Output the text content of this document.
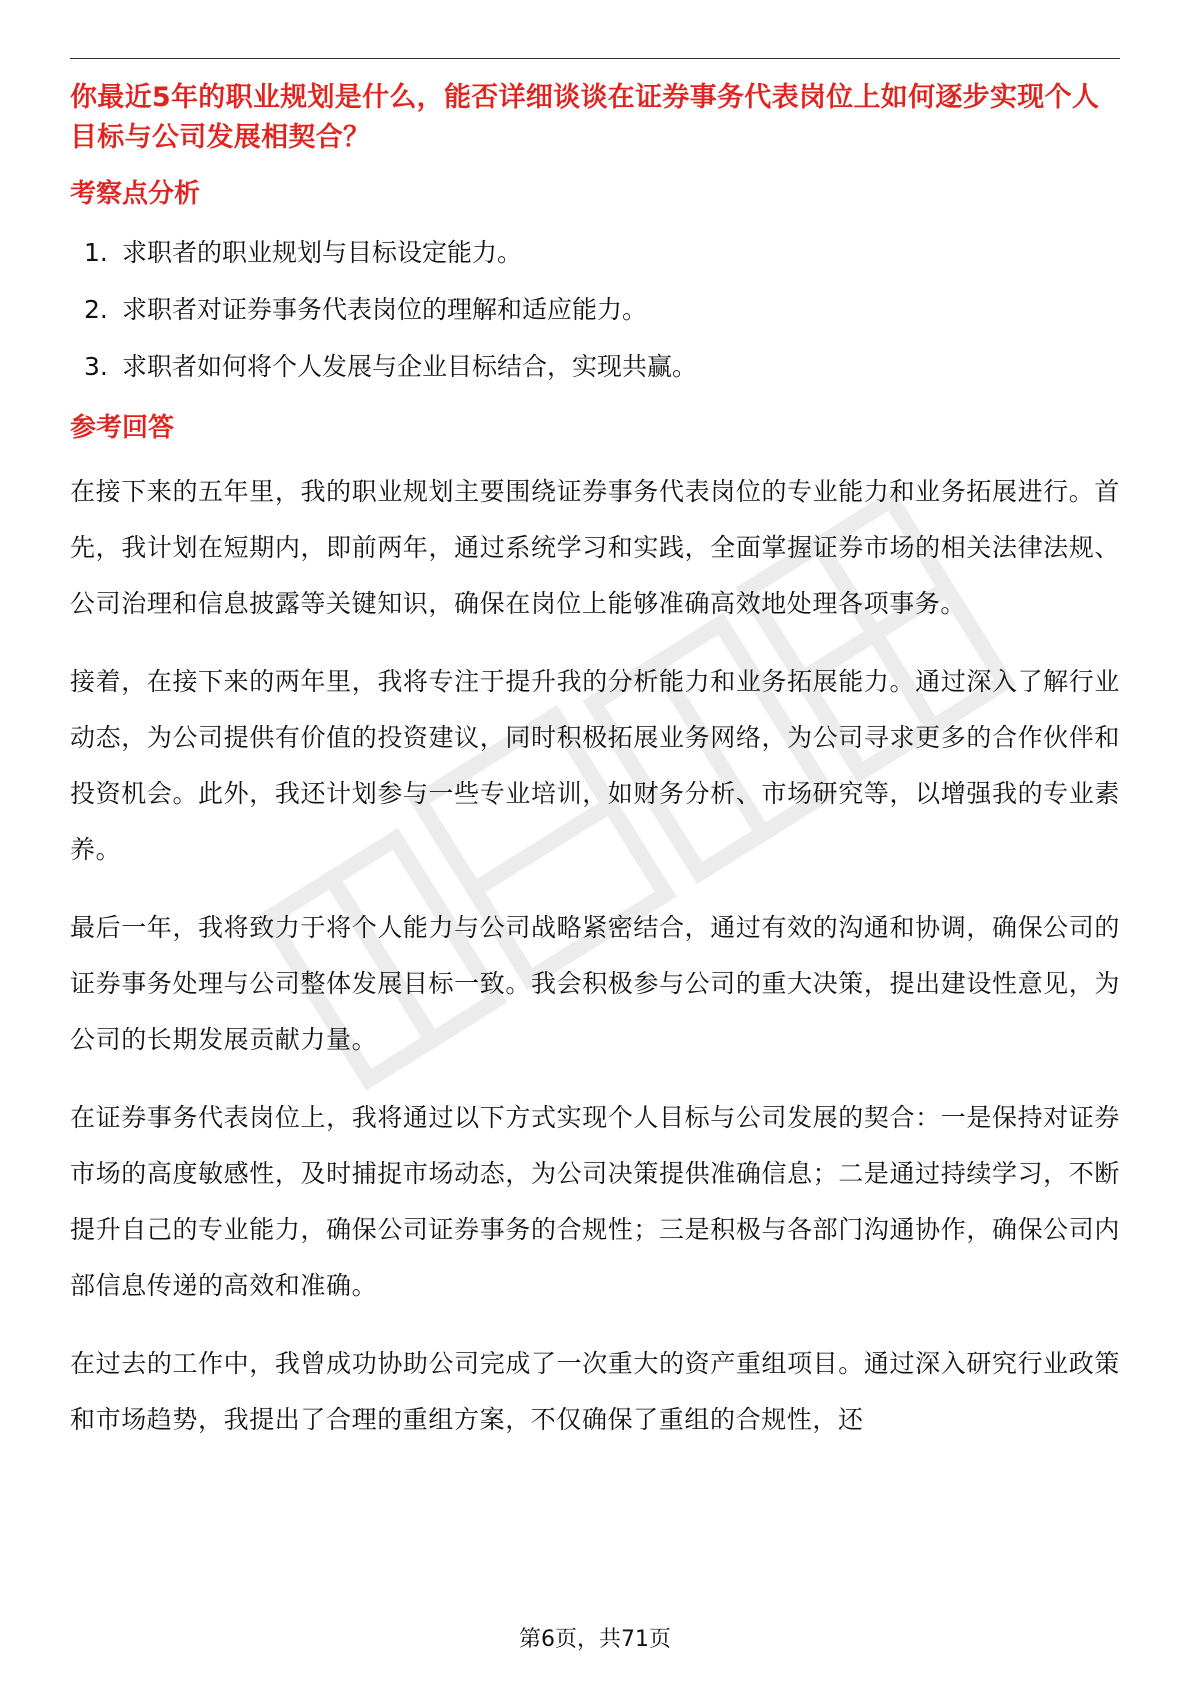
你最近5年的职业规划是什么，能否详细谈谈在证券事务代表岗位上如何逐步实现个人目标与公司发展相契合？

考察点分析
1. 求职者的职业规划与目标设定能力。
2. 求职者对证券事务代表岗位的理解和适应能力。
3. 求职者如何将个人发展与企业目标结合，实现共赢。
参考回答

在接下来的五年里，我的职业规划主要围绕证券事务代表岗位的专业能力和业务拓展进行。首先，我计划在短期内，即前两年，通过系统学习和实践，全面掌握证券市场的相关法律法规、公司治理和信息披露等关键知识，确保在岗位上能够准确高效地处理各项事务。

接着，在接下来的两年里，我将专注于提升我的分析能力和业务拓展能力。通过深入了解行业动态，为公司提供有价值的投资建议，同时积极拓展业务网络，为公司寻求更多的合作伙伴和投资机会。此外，我还计划参与一些专业培训，如财务分析、市场研究等，以增强我的专业素养。

最后一年，我将致力于将个人能力与公司战略紧密结合，通过有效的沟通和协调，确保公司的证券事务处理与公司整体发展目标一致。我会积极参与公司的重大决策，提出建设性意见，为公司的长期发展贡献力量。

在证券事务代表岗位上，我将通过以下方式实现个人目标与公司发展的契合：一是保持对证券市场的高度敏感性，及时捕捉市场动态，为公司决策提供准确信息；二是通过持续学习，不断提升自己的专业能力，确保公司证券事务的合规性；三是积极与各部门沟通协作，确保公司内部信息传递的高效和准确。

在过去的工作中，我曾成功协助公司完成了一次重大的资产重组项目。通过深入研究行业政策和市场趋势，我提出了合理的重组方案，不仅确保了重组的合规性，还

第6页，共71页
